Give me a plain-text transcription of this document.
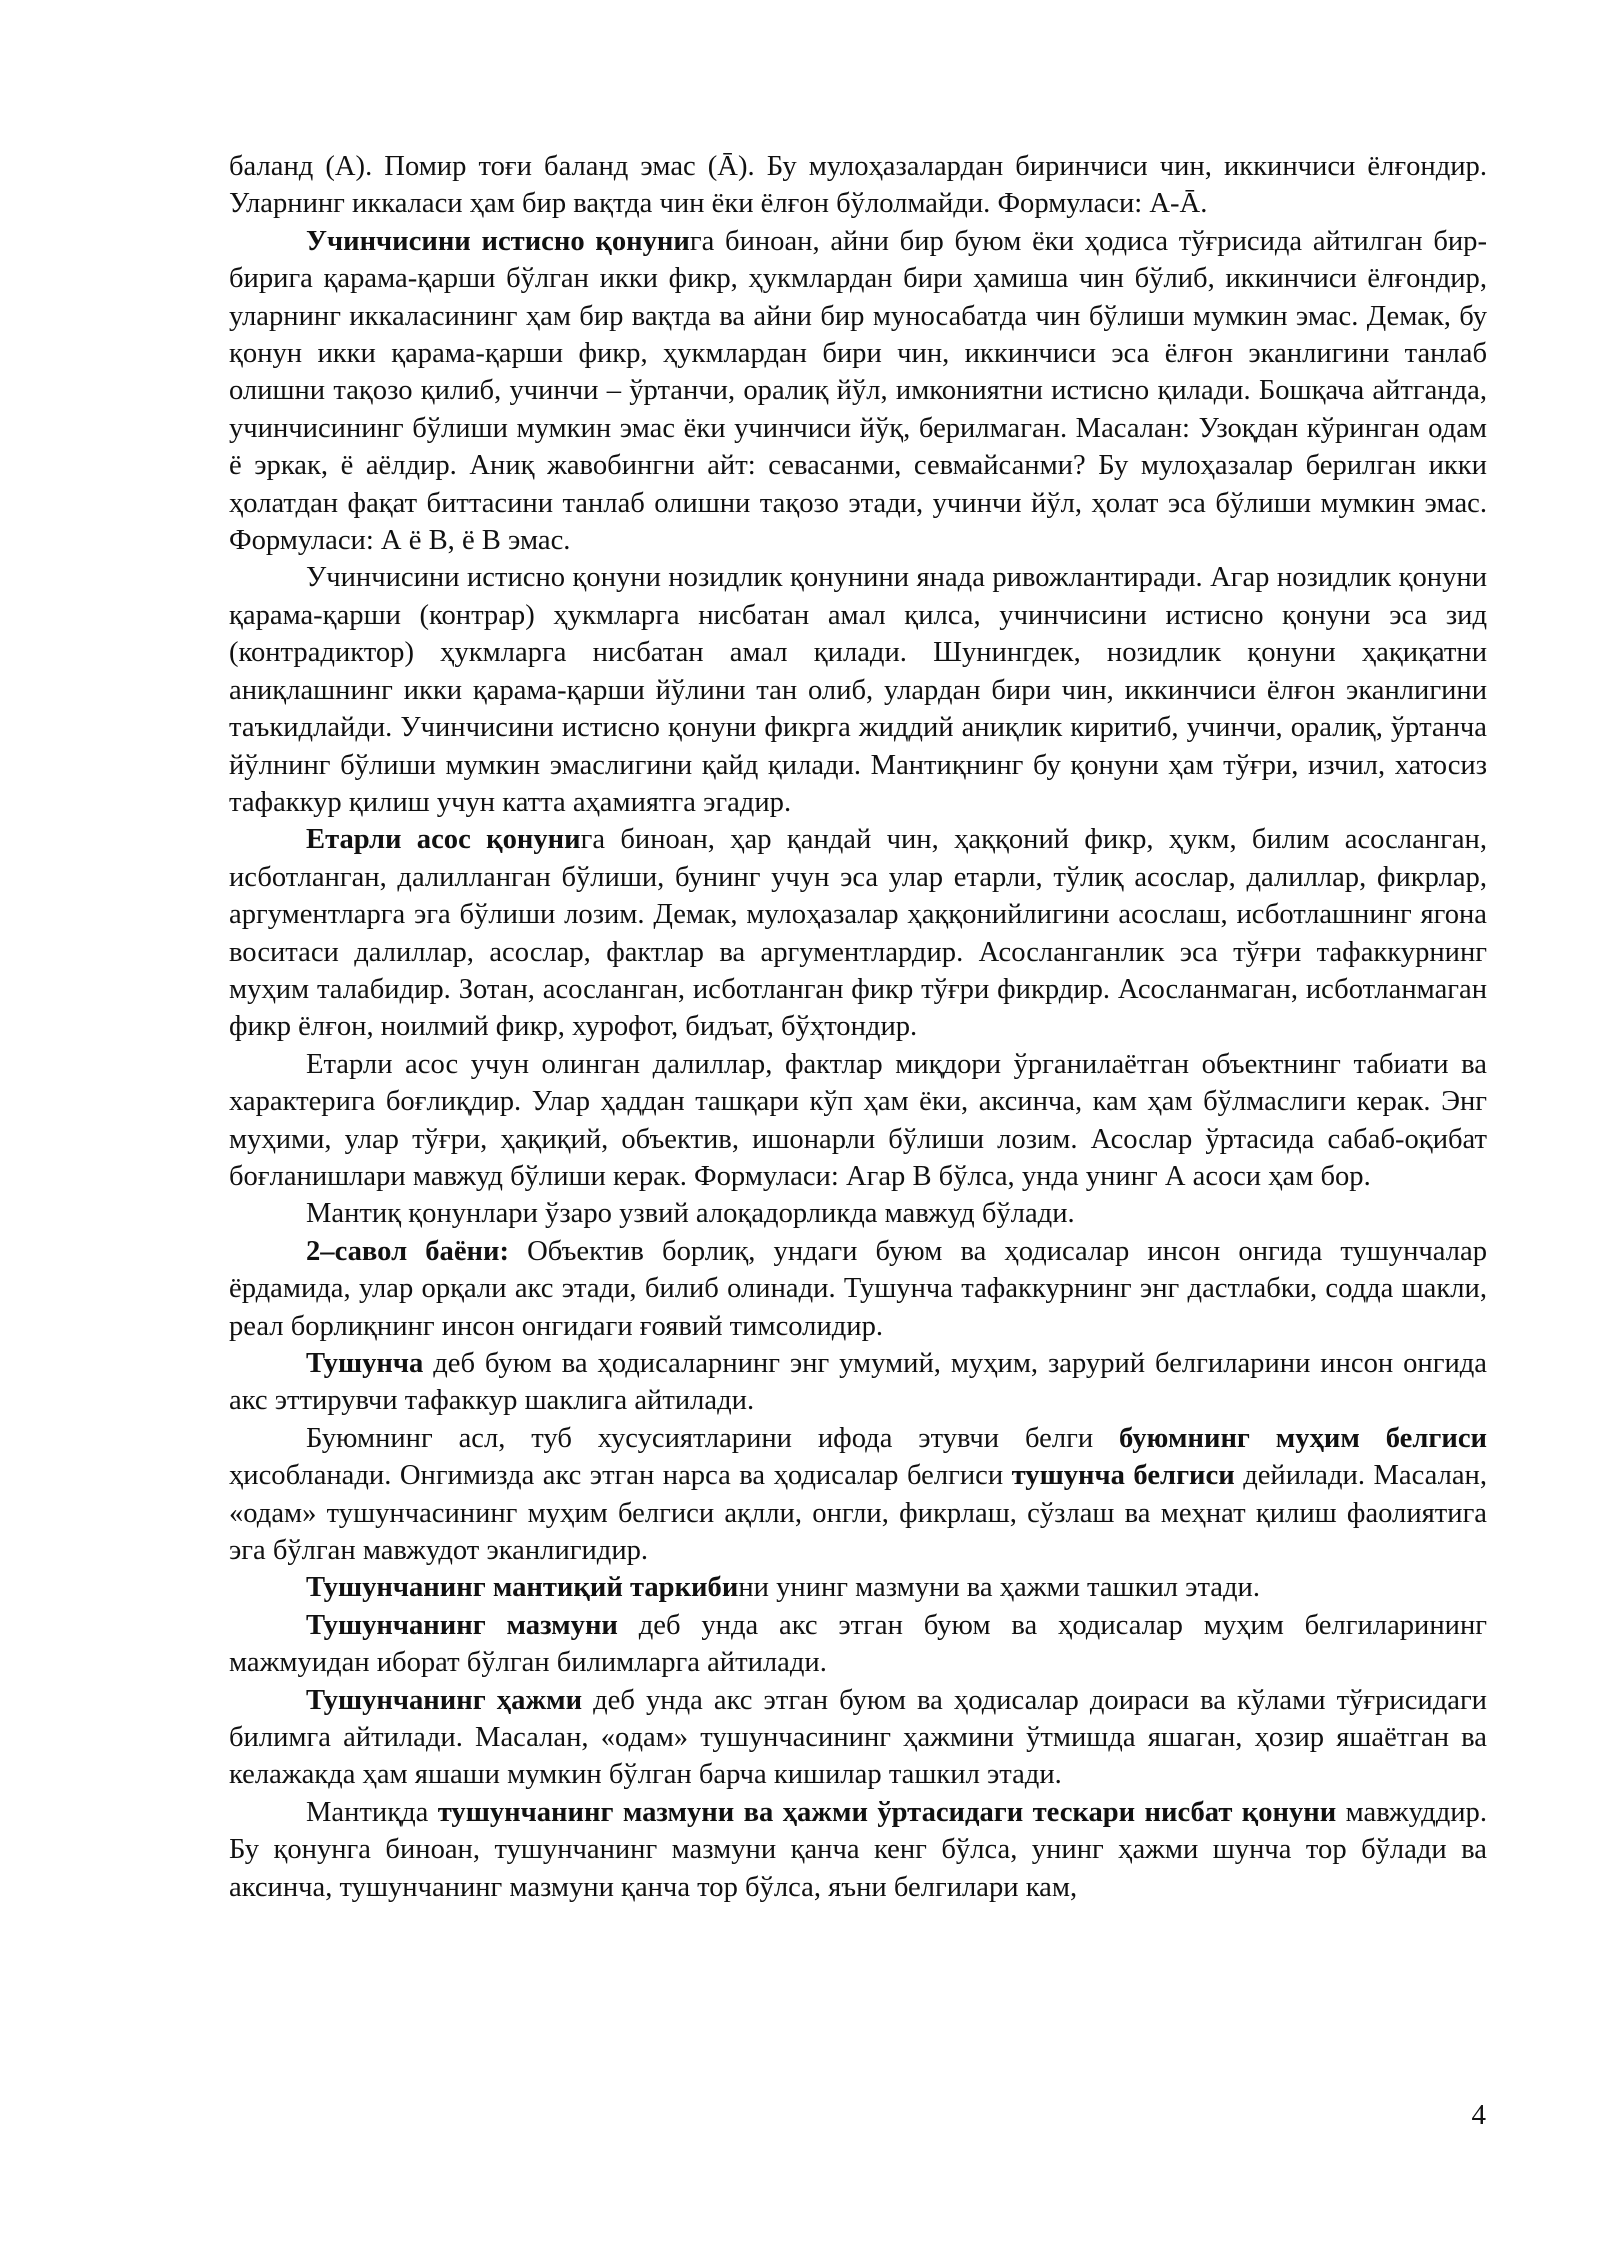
баланд (А). Помир тоғи баланд эмас (Ā). Бу мулоҳазалардан биринчиси чин, иккинчиси ёлғондир. Уларнинг иккаласи ҳам бир вақтда чин ёки ёлғон бўлолмайди. Формуласи: А-Ā.

Учинчисини истисно қонунига биноан, айни бир буюм ёки ҳодиса тўғрисида айтилган бир-бирига қарама-қарши бўлган икки фикр, ҳукмлардан бири ҳамиша чин бўлиб, иккинчиси ёлғондир, уларнинг иккаласининг ҳам бир вақтда ва айни бир муносабатда чин бўлиши мумкин эмас. Демак, бу қонун икки қарама-қарши фикр, ҳукмлардан бири чин, иккинчиси эса ёлғон эканлигини танлаб олишни тақозо қилиб, учинчи – ўртанчи, оралиқ йўл, имкониятни истисно қилади. Бошқача айтганда, учинчисининг бўлиши мумкин эмас ёки учинчиси йўқ, берилмаган. Масалан: Узоқдан кўринган одам ё эркак, ё аёлдир. Аниқ жавобингни айт: севасанми, севмайсанми? Бу мулоҳазалар берилган икки ҳолатдан фақат биттасини танлаб олишни тақозо этади, учинчи йўл, ҳолат эса бўлиши мумкин эмас. Формуласи: А ё В, ё В эмас.

Учинчисини истисно қонуни нозидлик қонунини янада ривожлантиради. Агар нозидлик қонуни қарама-қарши (контрар) ҳукмларга нисбатан амал қилса, учинчисини истисно қонуни эса зид (контрадиктор) ҳукмларга нисбатан амал қилади. Шунингдек, нозидлик қонуни ҳақиқатни аниқлашнинг икки қарама-қарши йўлини тан олиб, улардан бири чин, иккинчиси ёлғон эканлигини таъкидлайди. Учинчисини истисно қонуни фикрга жиддий аниқлик киритиб, учинчи, оралиқ, ўртанча йўлнинг бўлиши мумкин эмаслигини қайд қилади. Мантиқнинг бу қонуни ҳам тўғри, изчил, хатосиз тафаккур қилиш учун катта аҳамиятга эгадир.

Етарли асос қонунига биноан, ҳар қандай чин, ҳаққоний фикр, ҳукм, билим асосланган, исботланган, далилланган бўлиши, бунинг учун эса улар етарли, тўлиқ асослар, далиллар, фикрлар, аргументларга эга бўлиши лозим. Демак, мулоҳазалар ҳаққонийлигини асослаш, исботлашнинг ягона воситаси далиллар, асослар, фактлар ва аргументлардир. Асосланганлик эса тўғри тафаккурнинг муҳим талабидир. Зотан, асосланган, исботланган фикр тўғри фикрдир. Асосланмаган, исботланмаган фикр ёлғон, ноилмий фикр, хурофот, бидъат, бўҳтондир.

Етарли асос учун олинган далиллар, фактлар миқдори ўрганилаётган объектнинг табиати ва характерига боғлиқдир. Улар ҳаддан ташқари кўп ҳам ёки, аксинча, кам ҳам бўлмаслиги керак. Энг муҳими, улар тўғри, ҳақиқий, объектив, ишонарли бўлиши лозим. Асослар ўртасида сабаб-оқибат боғланишлари мавжуд бўлиши керак. Формуласи: Агар В бўлса, унда унинг А асоси ҳам бор.

Мантиқ қонунлари ўзаро узвий алоқадорликда мавжуд бўлади.

2–савол баёни: Объектив борлиқ, ундаги буюм ва ҳодисалар инсон онгида тушунчалар ёрдамида, улар орқали акс этади, билиб олинади. Тушунча тафаккурнинг энг дастлабки, содда шакли, реал борлиқнинг инсон онгидаги ғоявий тимсолидир.

Тушунча деб буюм ва ҳодисаларнинг энг умумий, муҳим, зарурий белгиларини инсон онгида акс эттирувчи тафаккур шаклига айтилади.

Буюмнинг асл, туб хусусиятларини ифода этувчи белги буюмнинг муҳим белгиси ҳисобланади. Онгимизда акс этган нарса ва ҳодисалар белгиси тушунча белгиси дейилади. Масалан, «одам» тушунчасининг муҳим белгиси ақлли, онгли, фикрлаш, сўзлаш ва меҳнат қилиш фаолиятига эга бўлган мавжудот эканлигидир.

Тушунчанинг мантиқий таркибини унинг мазмуни ва ҳажми ташкил этади.

Тушунчанинг мазмуни деб унда акс этган буюм ва ҳодисалар муҳим белгиларининг мажмуидан иборат бўлган билимларга айтилади.

Тушунчанинг ҳажми деб унда акс этган буюм ва ҳодисалар доираси ва кўлами тўғрисидаги билимга айтилади. Масалан, «одам» тушунчасининг ҳажмини ўтмишда яшаган, ҳозир яшаётган ва келажакда ҳам яшаши мумкин бўлган барча кишилар ташкил этади.

Мантиқда тушунчанинг мазмуни ва ҳажми ўртасидаги тескари нисбат қонуни мавжуддир. Бу қонунга биноан, тушунчанинг мазмуни қанча кенг бўлса, унинг ҳажми шунча тор бўлади ва аксинча, тушунчанинг мазмуни қанча тор бўлса, яъни белгилари кам,

4
